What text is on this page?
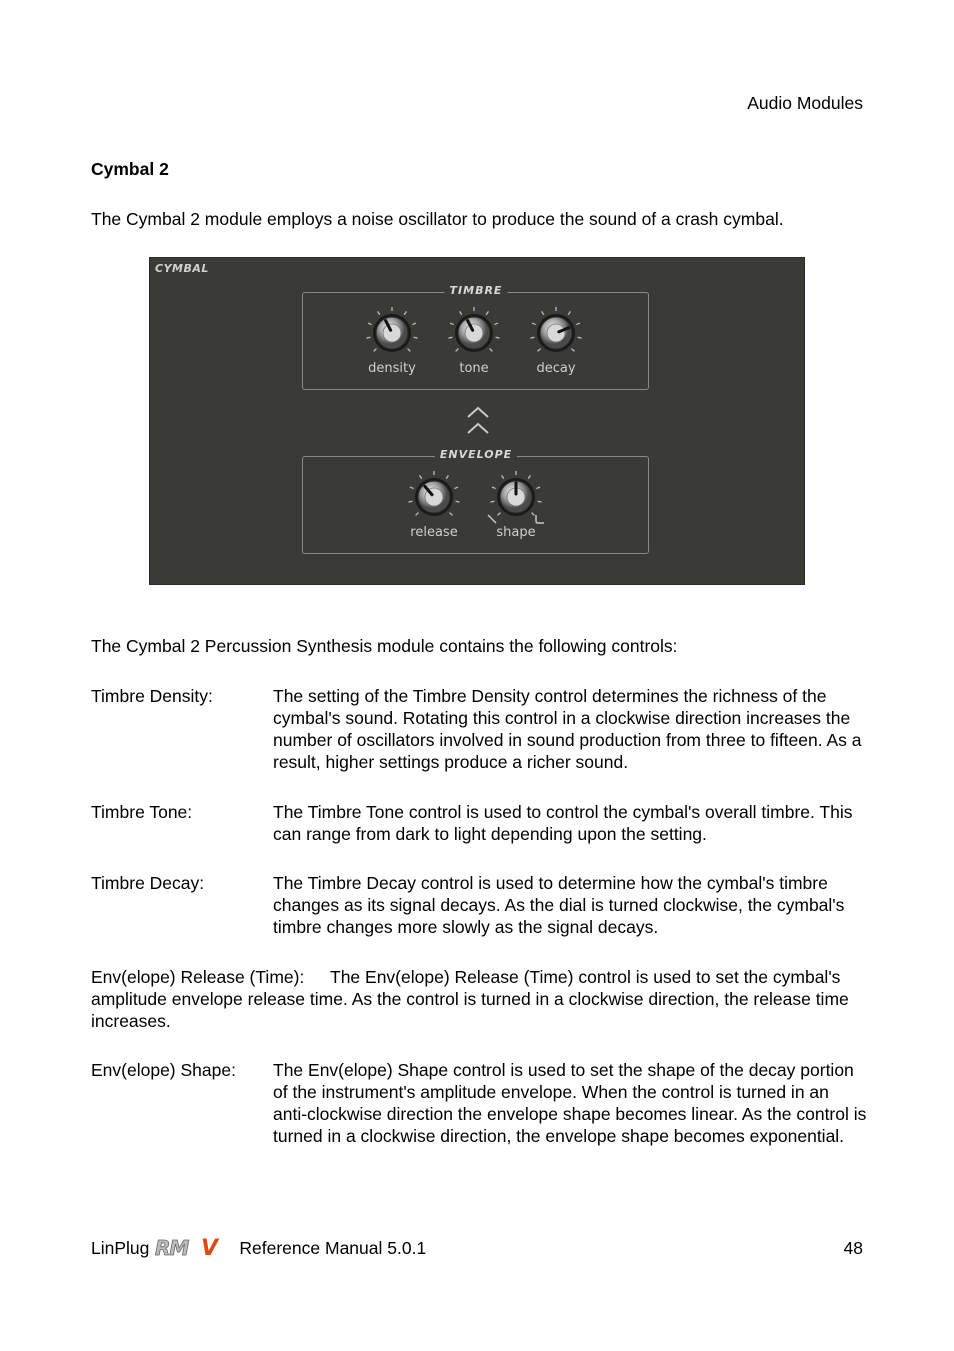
Audio Modules
Cymbal 2
The Cymbal 2 module employs a noise oscillator to produce the sound of a crash cymbal.
CYMBAL
TIMBRE
ENVELOPE
density	tone	decay
release	shape
The Cymbal 2 Percussion Synthesis module contains the following controls:
Timbre Density:	The setting of the Timbre Density control determines the richness of the cymbal's sound. Rotating this control in a clockwise direction increases the number of oscillators involved in sound production from three to fifteen. As a result, higher settings produce a richer sound.
Timbre Tone:	The Timbre Tone control is used to control the cymbal's overall timbre. This can range from dark to light depending upon the setting.
Timbre Decay:	The Timbre Decay control is used to determine how the cymbal's timbre changes as its signal decays. As the dial is turned clockwise, the cymbal's timbre changes more slowly as the signal decays.
Env(elope) Release (Time):	The Env(elope) Release (Time) control is used to set the cymbal's amplitude envelope release time. As the control is turned in a clockwise direction, the release time increases.
Env(elope) Shape: The Env(elope) Shape control is used to set the shape of the decay portion of the instrument's amplitude envelope. When the control is turned in an anti-clockwise direction the envelope shape becomes linear. As the control is turned in a clockwise direction, the envelope shape becomes exponential.
LinPlug RM V Reference Manual 5.0.1	48
